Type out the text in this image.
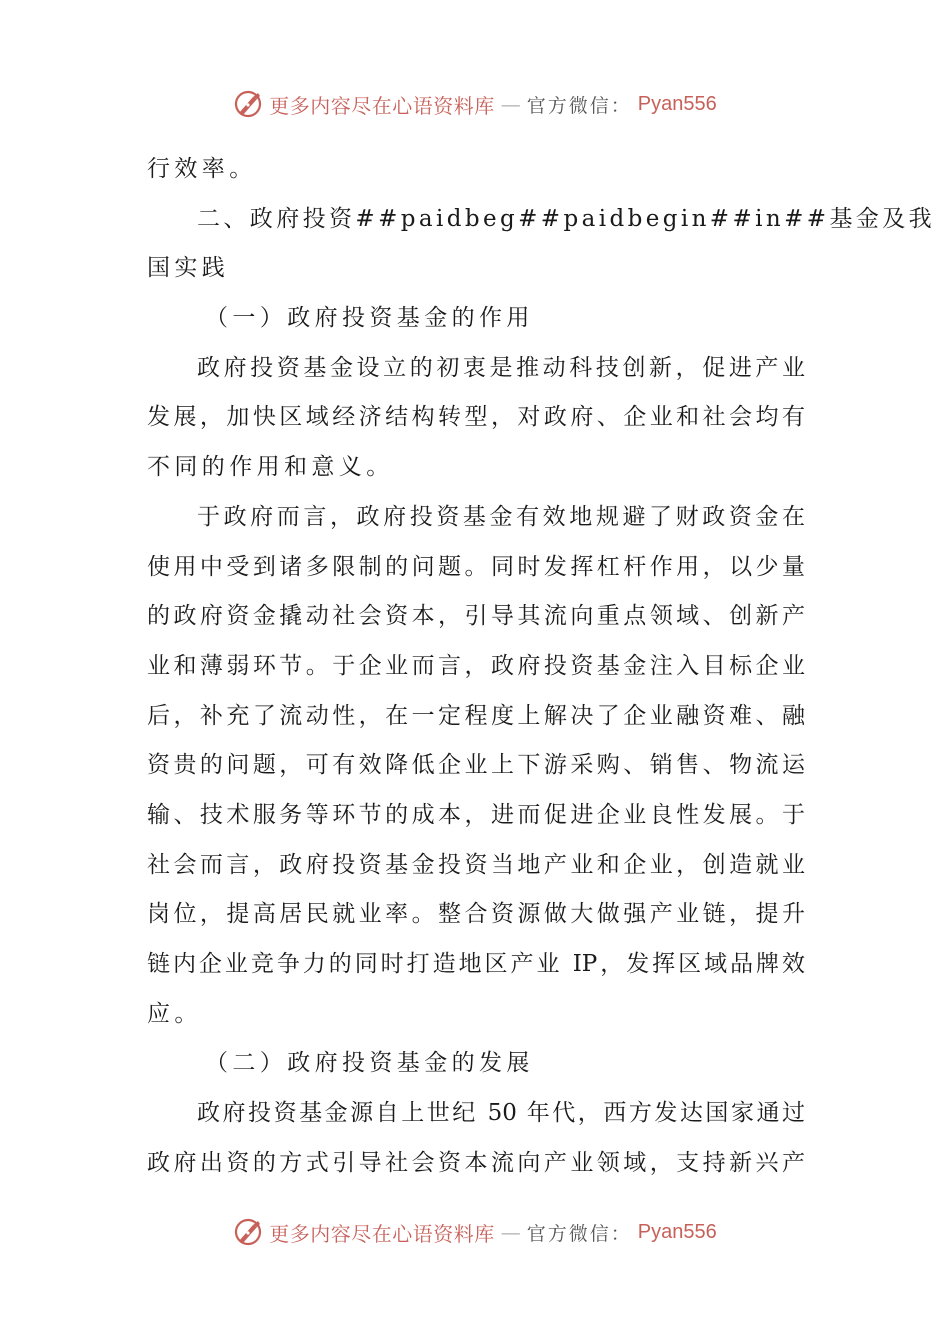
更多内容尽在心语资料库 — 官方微信： Pyan556
行效率。
二、政府投资##paidbeg##paidbegin##in##基金及我
国实践
（一）政府投资基金的作用
政府投资基金设立的初衷是推动科技创新，促进产业
发展，加快区域经济结构转型，对政府、企业和社会均有
不同的作用和意义。
于政府而言，政府投资基金有效地规避了财政资金在
使用中受到诸多限制的问题。同时发挥杠杆作用，以少量
的政府资金撬动社会资本，引导其流向重点领域、创新产
业和薄弱环节。于企业而言，政府投资基金注入目标企业
后，补充了流动性，在一定程度上解决了企业融资难、融
资贵的问题，可有效降低企业上下游采购、销售、物流运
输、技术服务等环节的成本，进而促进企业良性发展。于
社会而言，政府投资基金投资当地产业和企业，创造就业
岗位，提高居民就业率。整合资源做大做强产业链，提升
链内企业竞争力的同时打造地区产业 IP，发挥区域品牌效
应。
（二）政府投资基金的发展
政府投资基金源自上世纪 50 年代，西方发达国家通过
政府出资的方式引导社会资本流向产业领域，支持新兴产
更多内容尽在心语资料库 — 官方微信： Pyan556
